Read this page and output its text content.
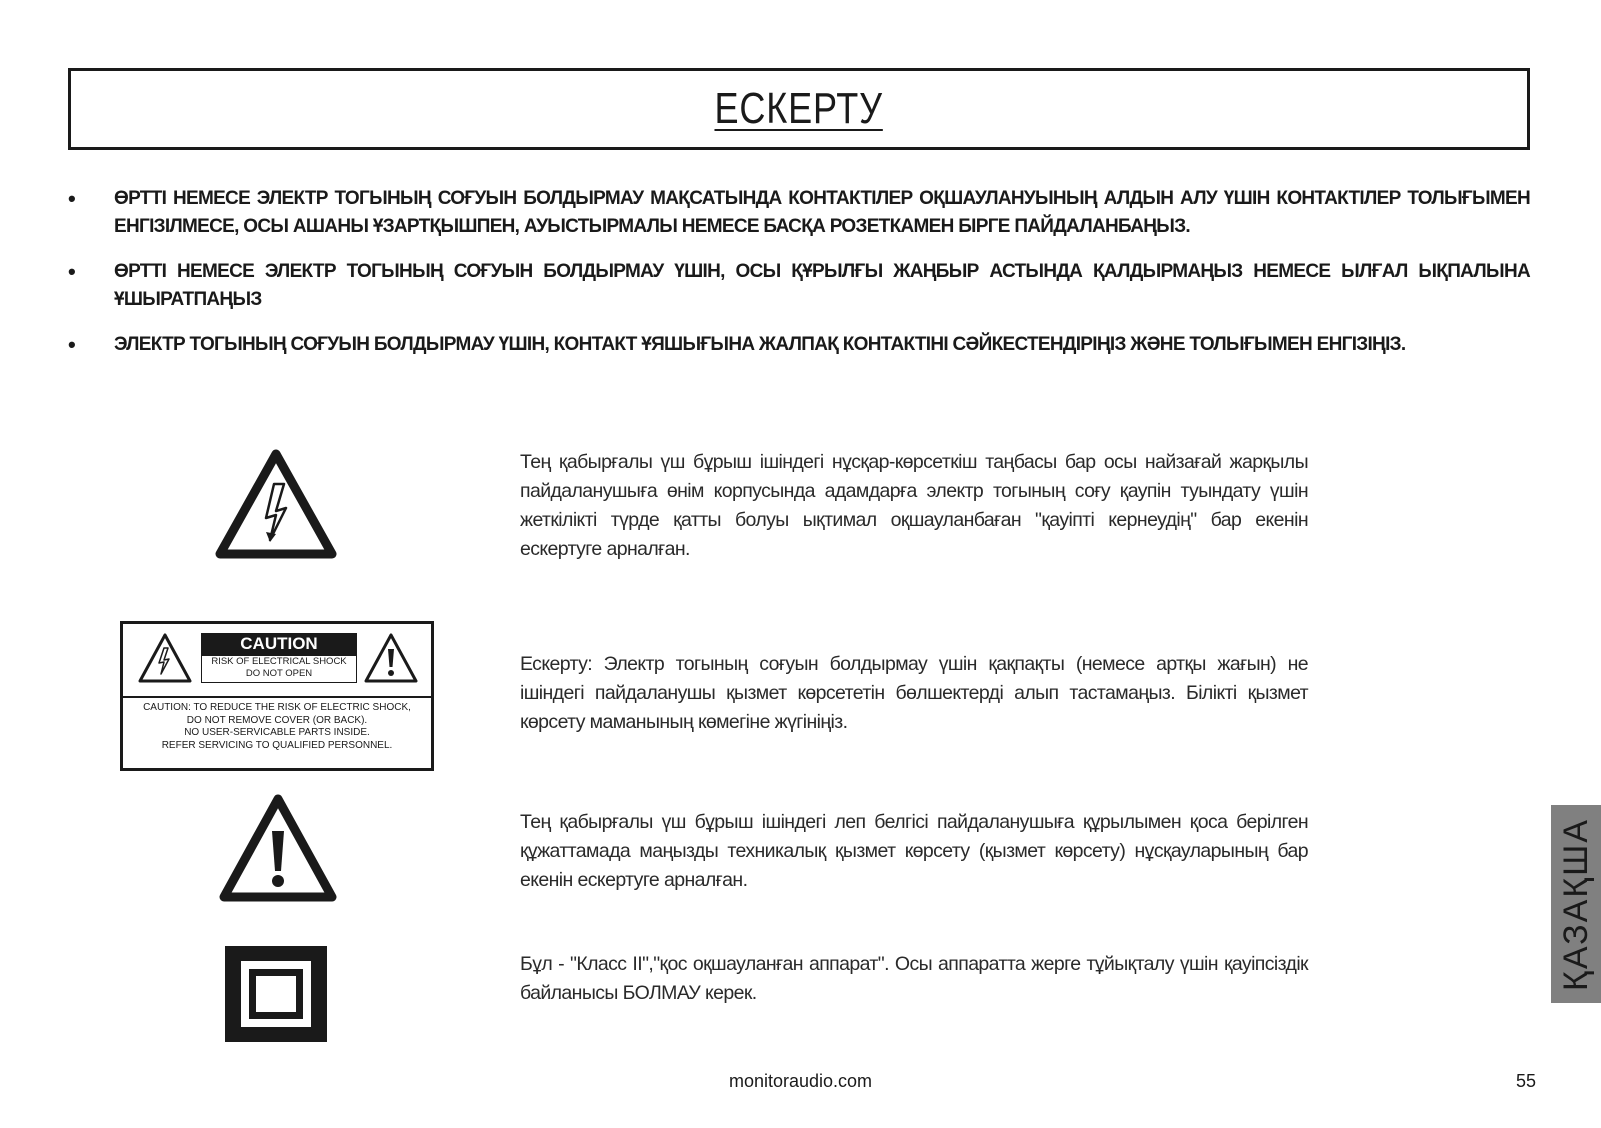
ЕСКЕРТУ
• ӨРТТІ НЕМЕСЕ ЭЛЕКТР ТОГЫНЫҢ СОҒУЫН БОЛДЫРМАУ МАҚСАТЫНДА КОНТАКТІЛЕР ОҚШАУЛАНУЫНЫҢ АЛДЫН АЛУ ҮШІН КОНТАКТІЛЕР ТОЛЫҒЫМЕН ЕНГІЗІЛМЕСЕ, ОСЫ АШАНЫ ҰЗАРТҚЫШПЕН, АУЫСТЫРМАЛЫ НЕМЕСЕ БАСҚА РОЗЕТКАМЕН БІРГЕ ПАЙДАЛАНБАҢЫЗ.
• ӨРТТІ НЕМЕСЕ ЭЛЕКТР ТОГЫНЫҢ СОҒУЫН БОЛДЫРМАУ ҮШІН, ОСЫ ҚҰРЫЛҒЫ ЖАҢБЫР АСТЫНДА ҚАЛДЫРМАҢЫЗ НЕМЕСЕ ЫЛҒАЛ ЫҚПАЛЫНА ҰШЫРАТПАҢЫЗ
• ЭЛЕКТР ТОГЫНЫҢ СОҒУЫН БОЛДЫРМАУ ҮШІН, КОНТАКТ ҰЯШЫҒЫНА ЖАЛПАҚ КОНТАКТІНІ СӘЙКЕСТЕНДІРІҢІЗ ЖӘНЕ ТОЛЫҒЫМЕН ЕНГІЗІҢІЗ.
Тең қабырғалы үш бұрыш ішіндегі нұсқар-көрсеткіш таңбасы бар осы найзағай жарқылы пайдаланушыға өнім корпусында адамдарға электр тогының соғу қаупін туындату үшін жеткілікті түрде қатты болуы ықтимал оқшауланбаған "қауіпті кернеудің" бар екенін ескертуге арналған.
CAUTION
RISK OF ELECTRICAL SHOCK
DO NOT OPEN
CAUTION: TO REDUCE THE RISK OF ELECTRIC SHOCK,
DO NOT REMOVE COVER (OR BACK).
NO USER-SERVICABLE PARTS INSIDE.
REFER SERVICING TO QUALIFIED PERSONNEL.
Ескерту: Электр тогының соғуын болдырмау үшін қақпақты (немесе артқы жағын) не ішіндегі пайдаланушы қызмет көрсететін бөлшектерді алып тастамаңыз. Білікті қызмет көрсету маманының көмегіне жүгініңіз.
Тең қабырғалы үш бұрыш ішіндегі леп белгісі пайдаланушыға құрылымен қоса берілген құжаттамада маңызды техникалық қызмет көрсету (қызмет көрсету) нұсқауларының бар екенін ескертуге арналған.
Бұл - "Класс II","қос оқшауланған аппарат". Осы аппаратта жерге тұйықталу үшін қауіпсіздік байланысы БОЛМАУ керек.
ҚАЗАҚША
monitoraudio.com	55
